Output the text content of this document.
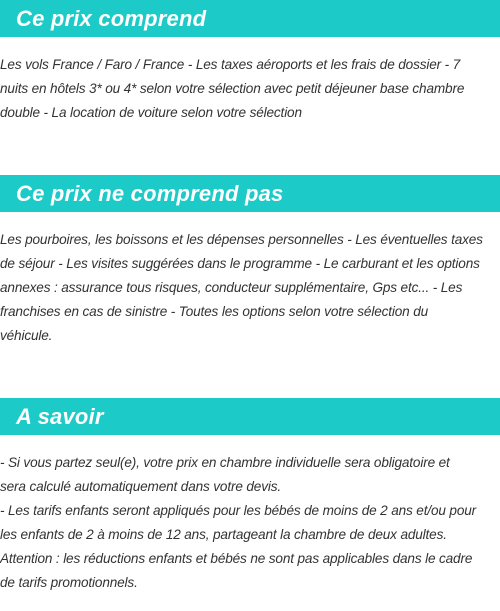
Ce prix comprend

Les vols France / Faro / France - Les taxes aéroports et les frais de dossier - 7
nuits en hôtels 3* ou 4* selon votre sélection avec petit déjeuner base chambre
double - La location de voiture selon votre sélection

Ce prix ne comprend pas

Les pourboires, les boissons et les dépenses personnelles - Les éventuelles taxes
de séjour - Les visites suggérées dans le programme - Le carburant et les options
annexes : assurance tous risques, conducteur supplémentaire, Gps etc... - Les
franchises en cas de sinistre - Toutes les options selon votre sélection du
véhicule.

A savoir

- Si vous partez seul(e), votre prix en chambre individuelle sera obligatoire et
sera calculé automatiquement dans votre devis.
- Les tarifs enfants seront appliqués pour les bébés de moins de 2 ans et/ou pour
les enfants de 2 à moins de 12 ans, partageant la chambre de deux adultes.
Attention : les réductions enfants et bébés ne sont pas applicables dans le cadre
de tarifs promotionnels.
